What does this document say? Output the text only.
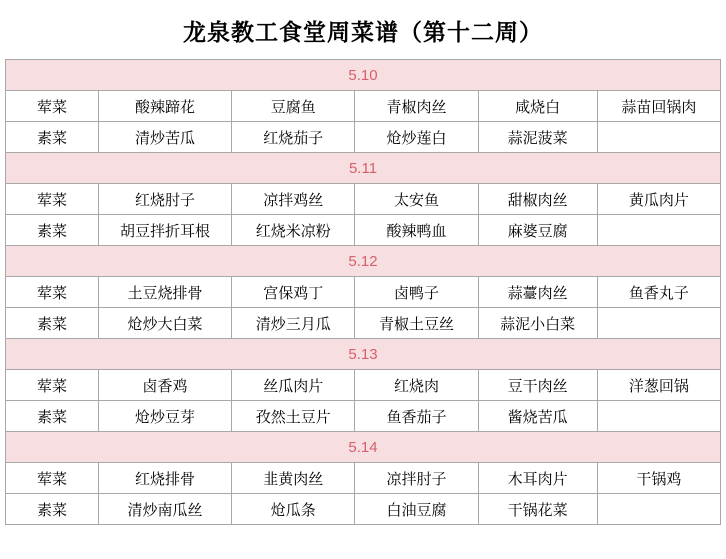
龙泉教工食堂周菜谱（第十二周）
5.10					
荤菜	酸辣蹄花	豆腐鱼	青椒肉丝	咸烧白	蒜苗回锅肉
素菜	清炒苦瓜	红烧茄子	炝炒莲白	蒜泥菠菜	
5.11					
荤菜	红烧肘子	凉拌鸡丝	太安鱼	甜椒肉丝	黄瓜肉片
素菜	胡豆拌折耳根	红烧米凉粉	酸辣鸭血	麻婆豆腐	
5.12					
荤菜	土豆烧排骨	宫保鸡丁	卤鸭子	蒜薹肉丝	鱼香丸子
素菜	炝炒大白菜	清炒三月瓜	青椒土豆丝	蒜泥小白菜	
5.13					
荤菜	卤香鸡	丝瓜肉片	红烧肉	豆干肉丝	洋葱回锅
素菜	炝炒豆芽	孜然土豆片	鱼香茄子	酱烧苦瓜	
5.14					
荤菜	红烧排骨	韭黄肉丝	凉拌肘子	木耳肉片	干锅鸡
素菜	清炒南瓜丝	炝瓜条	白油豆腐	干锅花菜	
